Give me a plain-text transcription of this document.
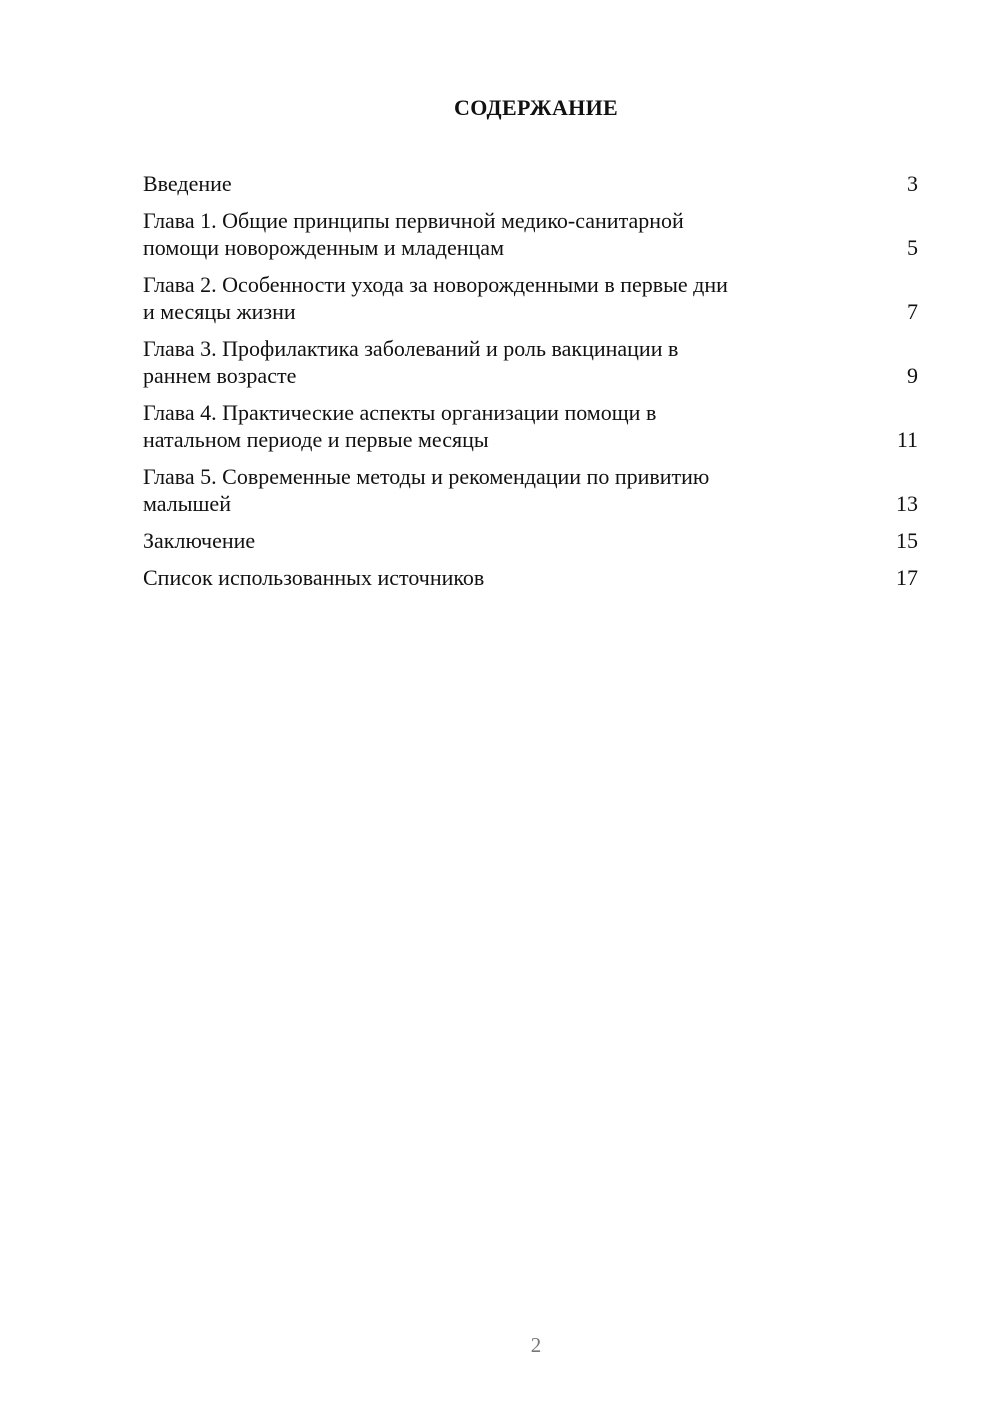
СОДЕРЖАНИЕ
Введение	3
Глава 1. Общие принципы первичной медико-санитарной
помощи новорожденным и младенцам	5
Глава 2. Особенности ухода за новорожденными в первые дни
и месяцы жизни	7
Глава 3. Профилактика заболеваний и роль вакцинации в
раннем возрасте	9
Глава 4. Практические аспекты организации помощи в
натальном периоде и первые месяцы	11
Глава 5. Современные методы и рекомендации по привитию
малышей	13
Заключение	15
Список использованных источников	17
2
